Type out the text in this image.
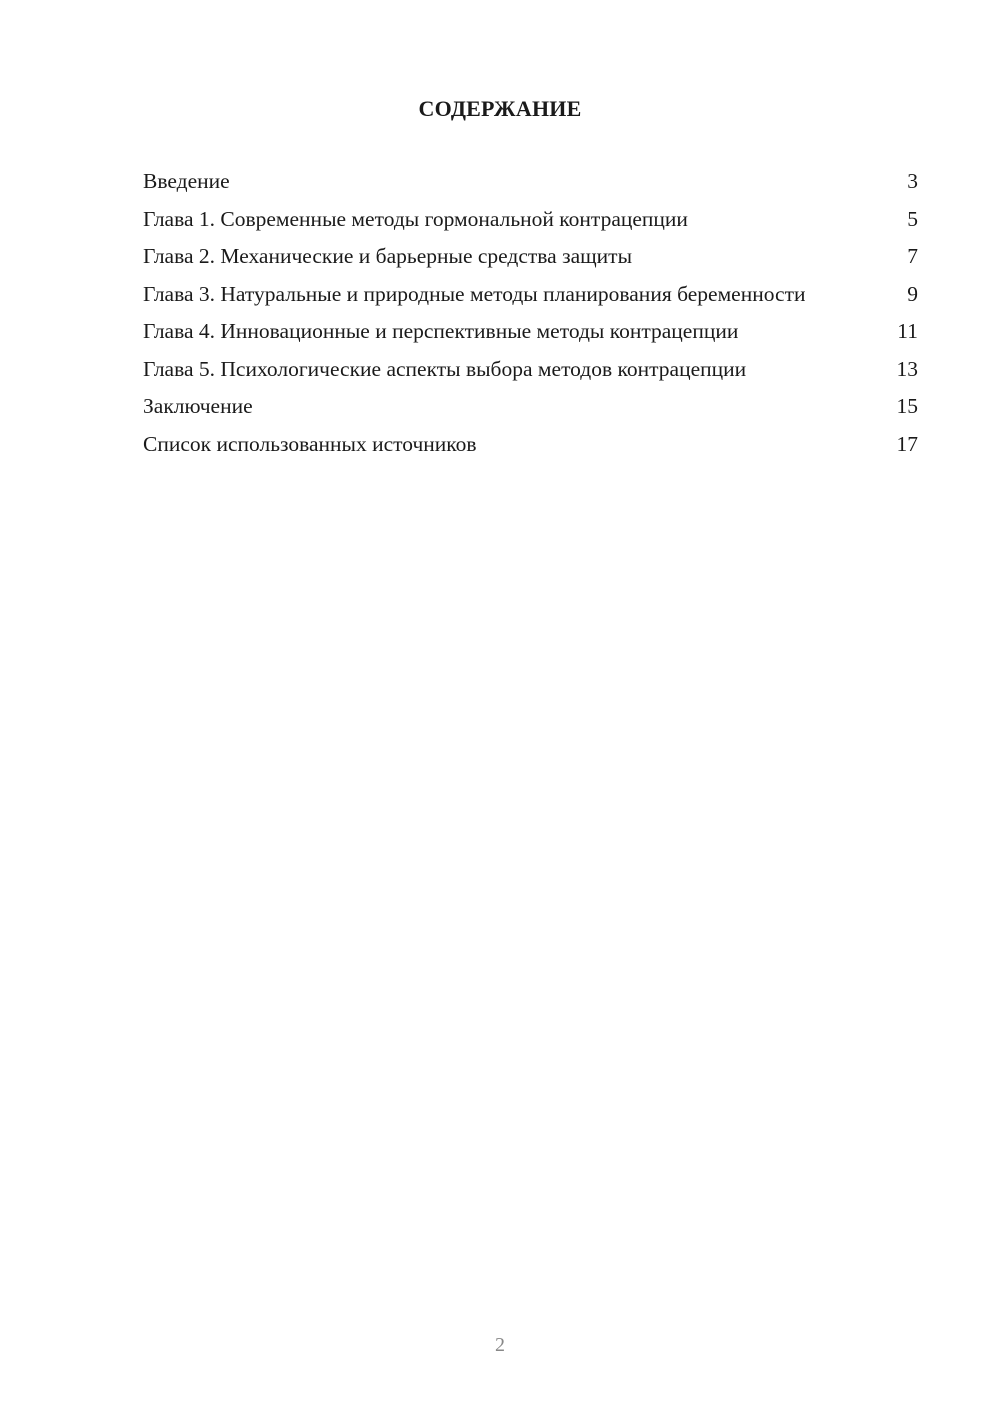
СОДЕРЖАНИЕ
Введение	3
Глава 1. Современные методы гормональной контрацепции	5
Глава 2. Механические и барьерные средства защиты	7
Глава 3. Натуральные и природные методы планирования беременности	9
Глава 4. Инновационные и перспективные методы контрацепции	11
Глава 5. Психологические аспекты выбора методов контрацепции	13
Заключение	15
Список использованных источников	17
2
